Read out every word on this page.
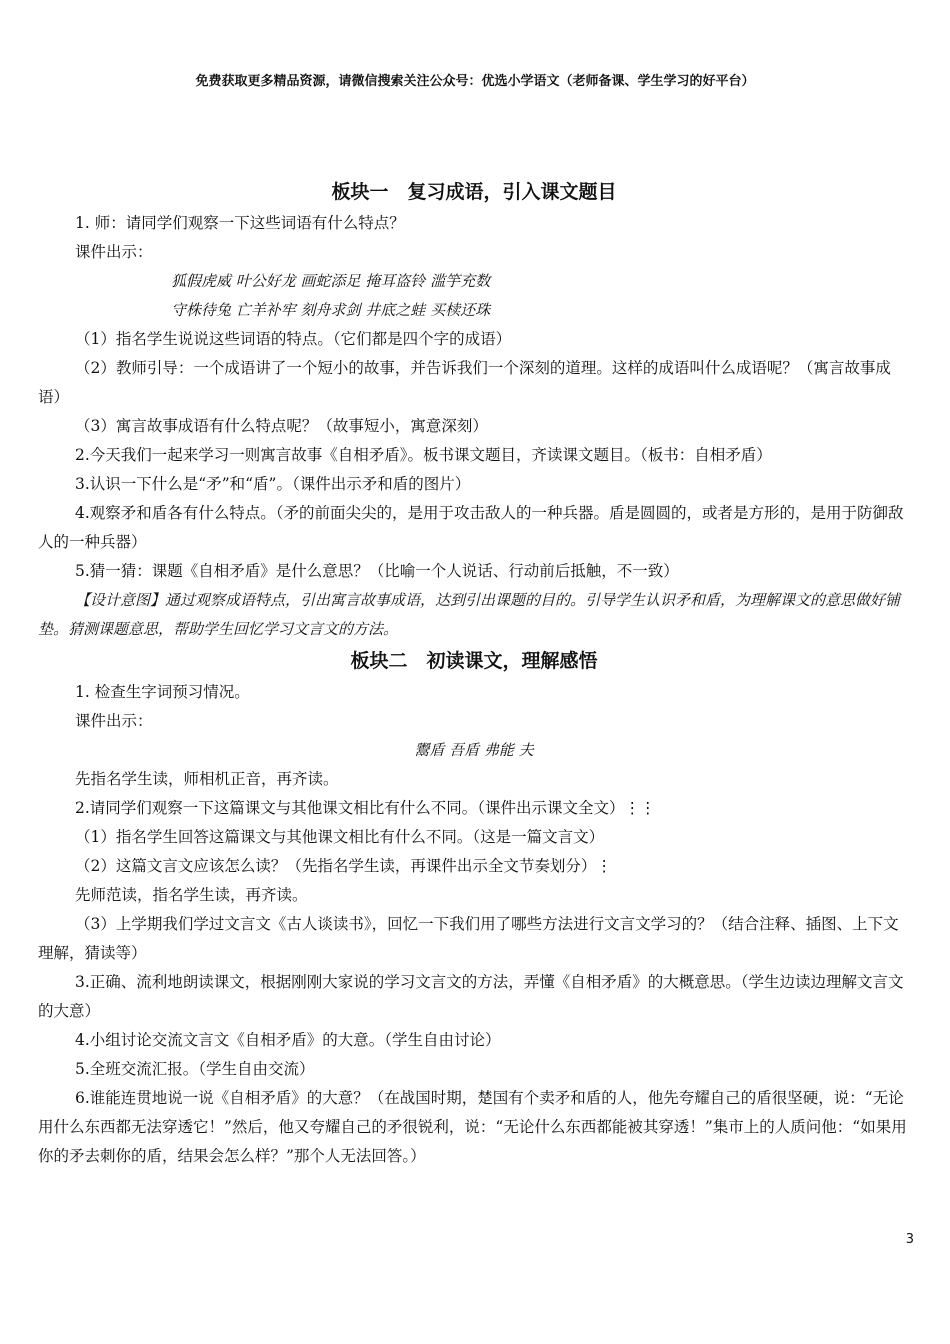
免费获取更多精品资源，请微信搜索关注公众号：优选小学语文（老师备课、学生学习的好平台）
板块一　复习成语，引入课文题目

1. 师：请同学们观察一下这些词语有什么特点？

课件出示：

狐假虎威 叶公好龙 画蛇添足 掩耳盗铃 滥竽充数
守株待兔 亡羊补牢 刻舟求剑 井底之蛙 买椟还珠

（1）指名学生说说这些词语的特点。（它们都是四个字的成语）

（2）教师引导：一个成语讲了一个短小的故事，并告诉我们一个深刻的道理。这样的成语叫什么成语呢？（寓言故事成语）

（3）寓言故事成语有什么特点呢？（故事短小，寓意深刻）

2.今天我们一起来学习一则寓言故事《自相矛盾》。板书课文题目，齐读课文题目。（板书：自相矛盾）

3.认识一下什么是“矛”和“盾”。（课件出示矛和盾的图片）

4.观察矛和盾各有什么特点。（矛的前面尖尖的，是用于攻击敌人的一种兵器。盾是圆圆的，或者是方形的，是用于防御敌人的一种兵器）

5.猜一猜：课题《自相矛盾》是什么意思？（比喻一个人说话、行动前后抵触，不一致）

【设计意图】通过观察成语特点，引出寓言故事成语，达到引出课题的目的。引导学生认识矛和盾，为理解课文的意思做好铺垫。猜测课题意思，帮助学生回忆学习文言文的方法。

板块二　初读课文，理解感悟

1. 检查生字词预习情况。

课件出示：

鬻盾 吾盾 弗能 夫

先指名学生读，师相机正音，再齐读。

2.请同学们观察一下这篇课文与其他课文相比有什么不同。（课件出示课文全文）⋮⋮

（1）指名学生回答这篇课文与其他课文相比有什么不同。（这是一篇文言文）

（2）这篇文言文应该怎么读？（先指名学生读，再课件出示全文节奏划分）⋮

先师范读，指名学生读，再齐读。

（3）上学期我们学过文言文《古人谈读书》，回忆一下我们用了哪些方法进行文言文学习的？（结合注释、插图、上下文理解，猜读等）

3.正确、流利地朗读课文，根据刚刚大家说的学习文言文的方法，弄懂《自相矛盾》的大概意思。（学生边读边理解文言文的大意）

4.小组讨论交流文言文《自相矛盾》的大意。（学生自由讨论）

5.全班交流汇报。（学生自由交流）

6.谁能连贯地说一说《自相矛盾》的大意？（在战国时期，楚国有个卖矛和盾的人，他先夸耀自己的盾很坚硬，说：“无论用什么东西都无法穿透它！”然后，他又夸耀自己的矛很锐利，说：“无论什么东西都能被其穿透！”集市上的人质问他：“如果用你的矛去刺你的盾，结果会怎么样？”那个人无法回答。）

3
